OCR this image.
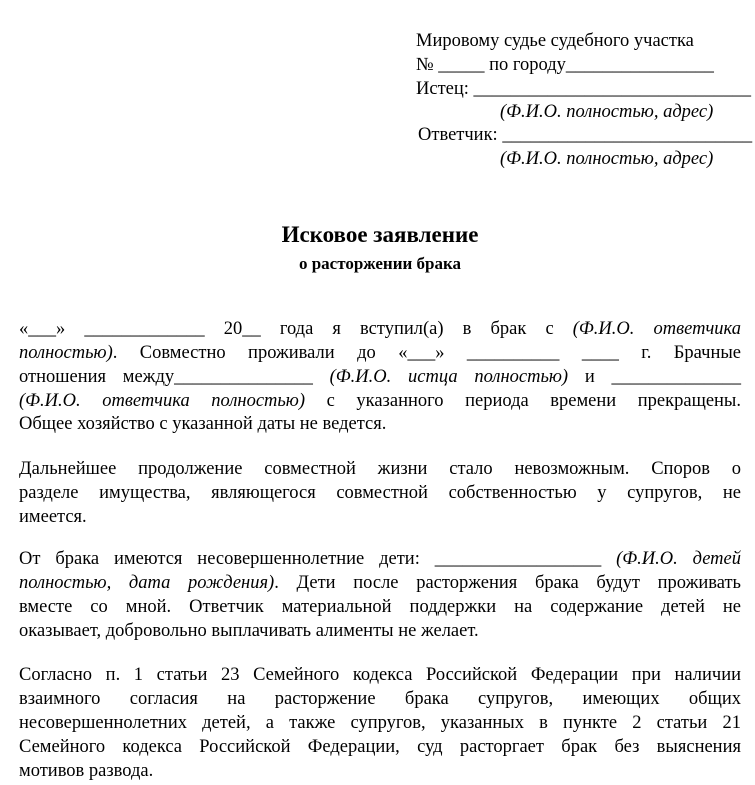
Мировому судье судебного участка
№ _____ по городу________________
Истец: ______________________________
(Ф.И.О. полностью, адрес)
Ответчик: ___________________________
(Ф.И.О. полностью, адрес)
Исковое заявление
о расторжении брака
«___» _____________ 20__ года я вступил(а) в брак с (Ф.И.О. ответчика
полностью). Совместно проживали до «___» __________ ____ г. Брачные
отношения между_______________ (Ф.И.О. истца полностью) и ______________
(Ф.И.О. ответчика полностью) с указанного периода времени прекращены.
Общее хозяйство с указанной даты не ведется.
Дальнейшее продолжение совместной жизни стало невозможным. Споров о
разделе имущества, являющегося совместной собственностью у супругов, не
имеется.
От брака имеются несовершеннолетние дети: __________________ (Ф.И.О. детей
полностью, дата рождения). Дети после расторжения брака будут проживать
вместе со мной. Ответчик материальной поддержки на содержание детей не
оказывает, добровольно выплачивать алименты не желает.
Согласно п. 1 статьи 23 Семейного кодекса Российской Федерации при наличии
взаимного согласия на расторжение брака супругов, имеющих общих
несовершеннолетних детей, а также супругов, указанных в пункте 2 статьи 21
Семейного кодекса Российской Федерации, суд расторгает брак без выяснения
мотивов развода.
